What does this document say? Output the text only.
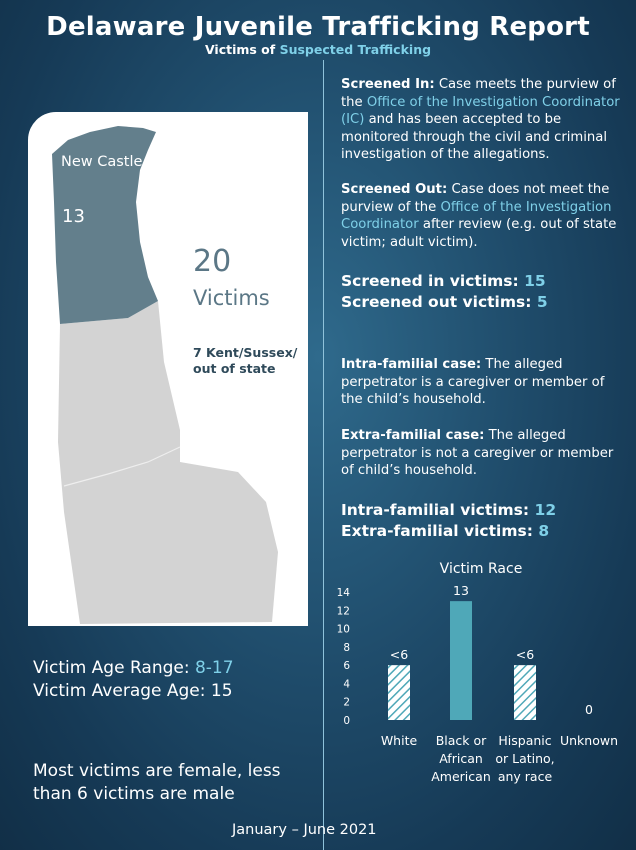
Delaware Juvenile Trafficking Report
Victims of Suspected Trafficking
20
Victims
7 Kent/Sussex/ out of state
New Castle
13
Screened In: Case meets the purview of the Office of the Investigation Coordinator (IC) and has been accepted to be monitored through the civil and criminal investigation of the allegations.
Screened Out: Case does not meet the purview of the Office of the Investigation Coordinator after review (e.g. out of state victim; adult victim).
Screened in victims: 15
Screened out victims: 5
Intra-familial case: The alleged perpetrator is a caregiver or member of the child’s household.
Extra-familial case: The alleged perpetrator is not a caregiver or member of child’s household.
Intra-familial victims: 12
Extra-familial victims: 8
Victim Race
0
2
4
6
8
10
12
14
<6
13
<6
0
White Black or
African
American
Hispanic
or Latino,
any race
Unknown
Victim Age Range: 8-17
Victim Average Age: 15
Most victims are female, less than 6 victims are male
January – June 2021
